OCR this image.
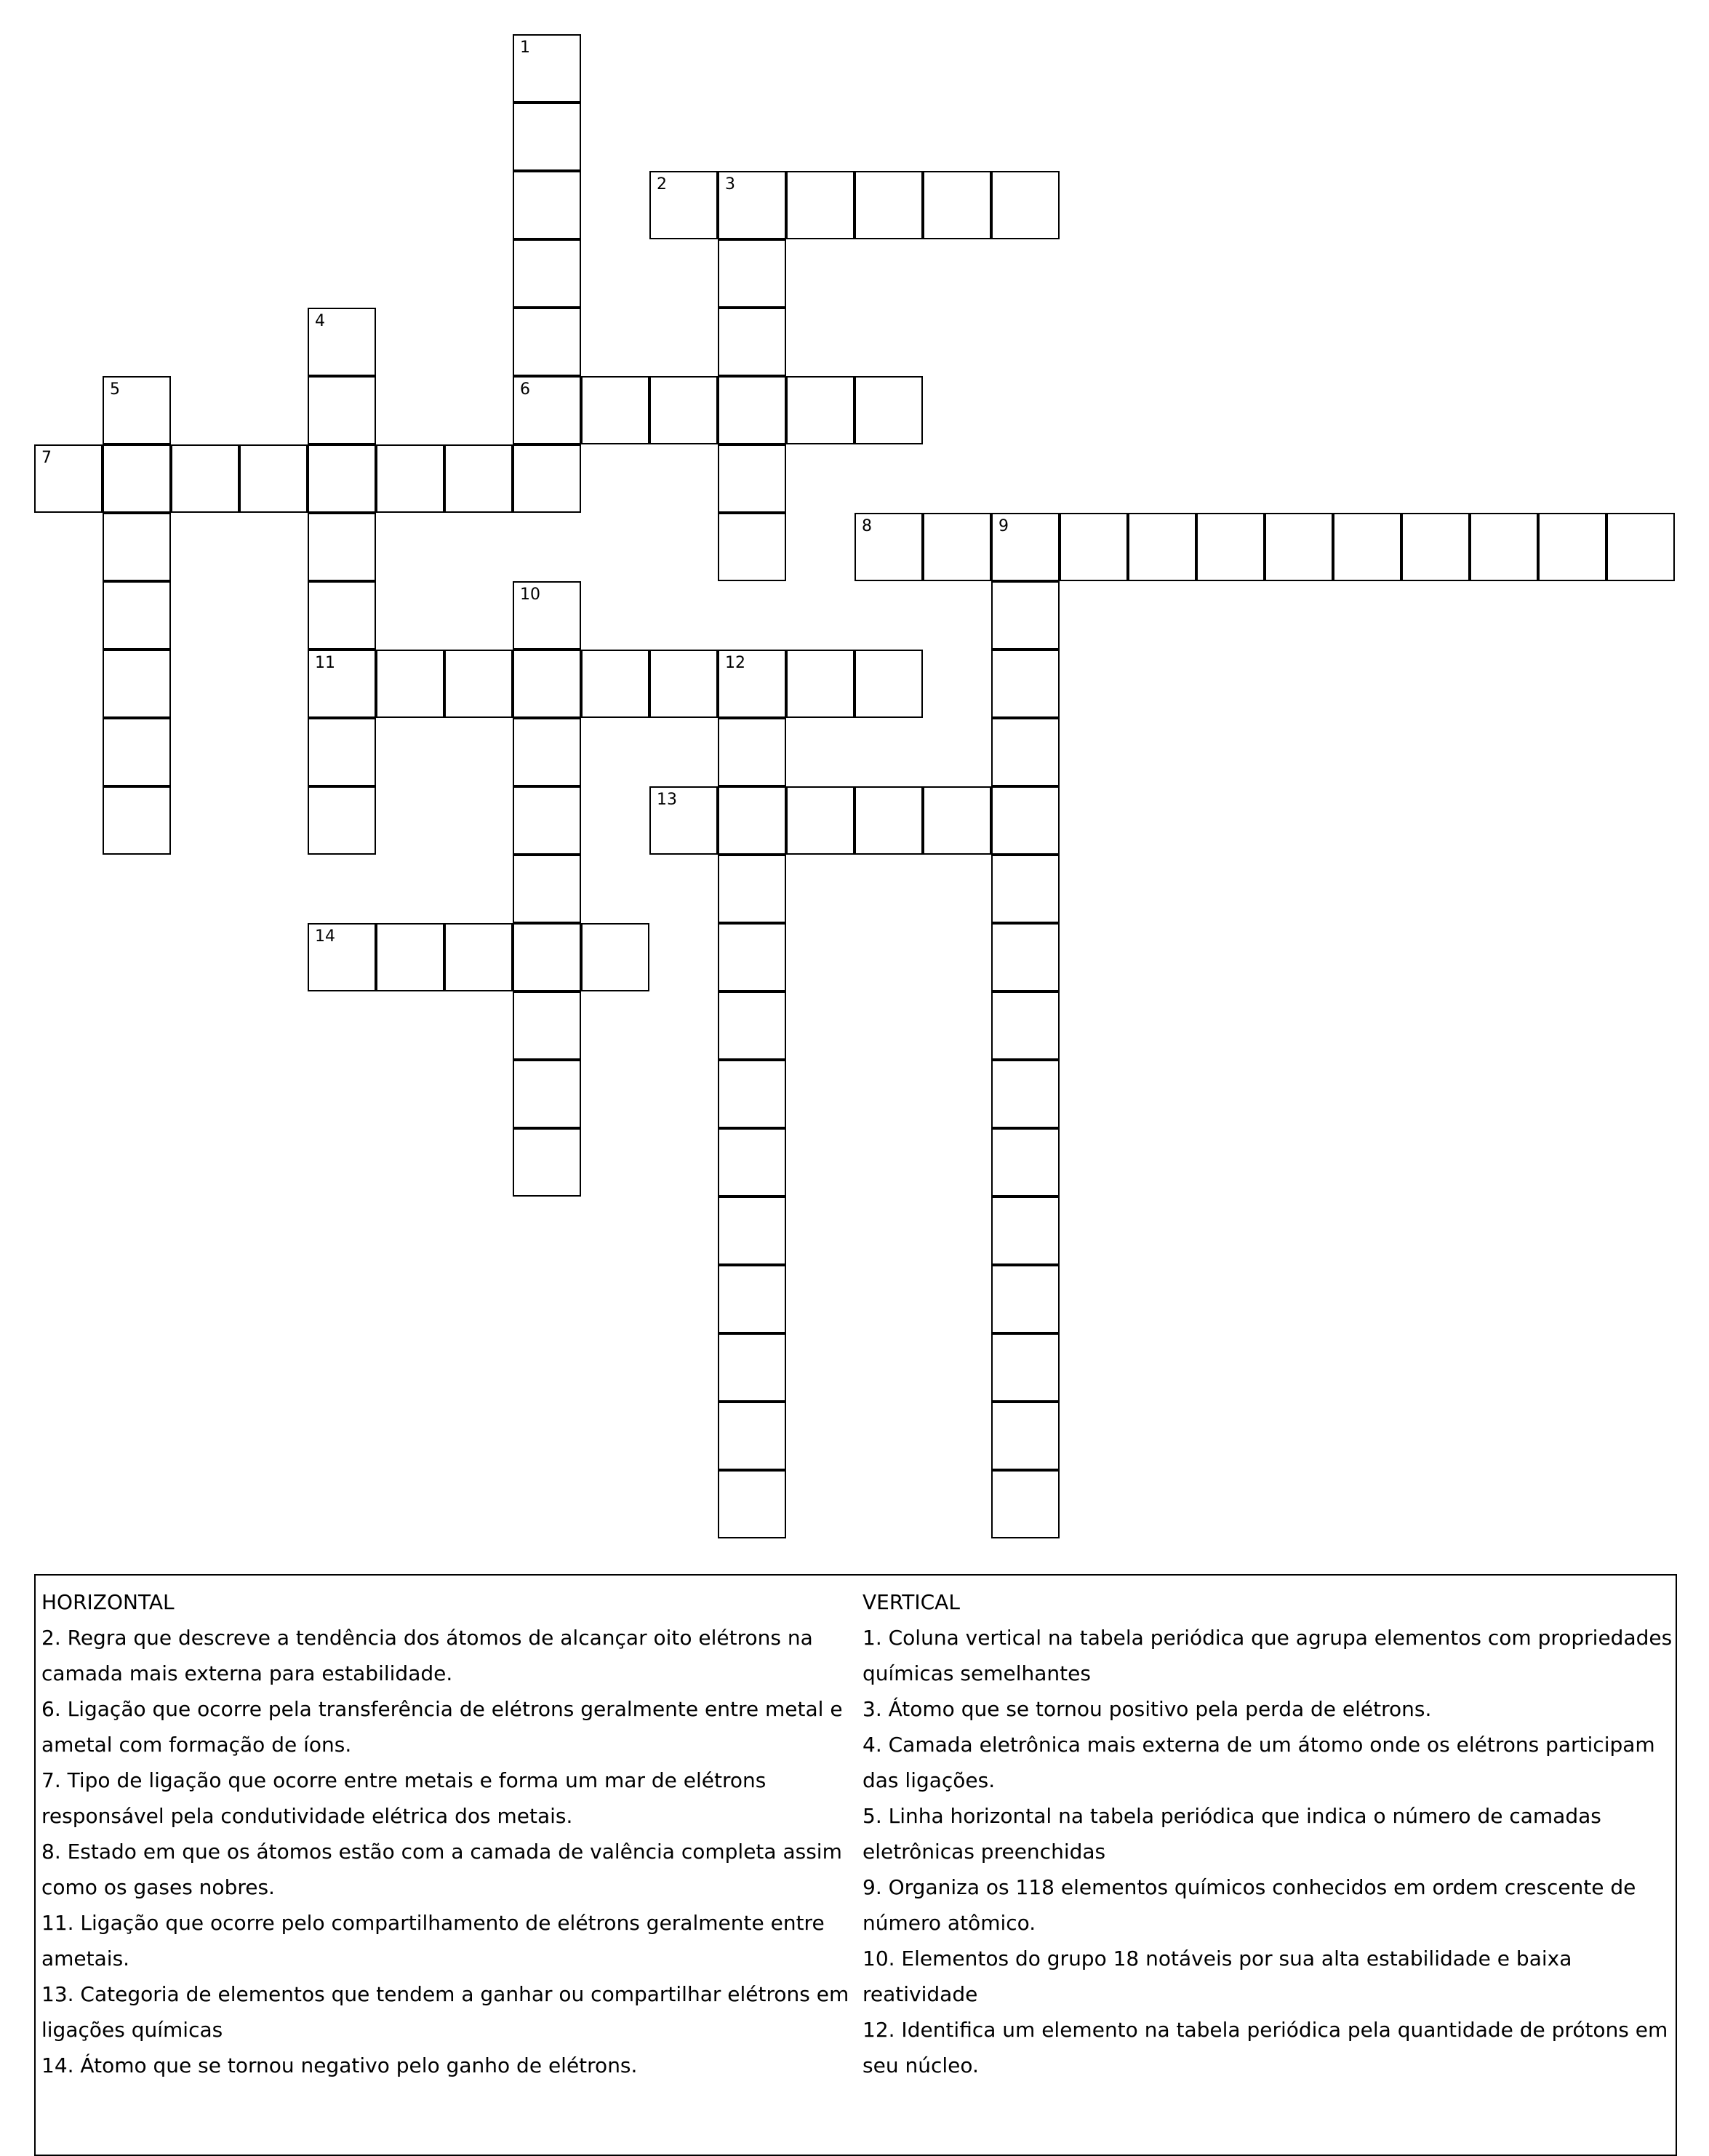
1
6
2	3
4
11
5
7
8	9
10
12
13
14
HORIZONTAL
2. Regra que descreve a tendência dos átomos de alcançar oito elétrons na camada mais externa para estabilidade.
6. Ligação que ocorre pela transferência de elétrons geralmente entre metal e ametal com formação de íons.
7. Tipo de ligação que ocorre entre metais e forma um mar de elétrons responsável pela condutividade elétrica dos metais.
8. Estado em que os átomos estão com a camada de valência completa assim como os gases nobres.
11. Ligação que ocorre pelo compartilhamento de elétrons geralmente entre ametais.
13. Categoria de elementos que tendem a ganhar ou compartilhar elétrons em ligações químicas
14. Átomo que se tornou negativo pelo ganho de elétrons.
VERTICAL
1. Coluna vertical na tabela periódica que agrupa elementos com propriedades químicas semelhantes
3. Átomo que se tornou positivo pela perda de elétrons.
4. Camada eletrônica mais externa de um átomo onde os elétrons participam das ligações.
5. Linha horizontal na tabela periódica que indica o número de camadas eletrônicas preenchidas
9. Organiza os 118 elementos químicos conhecidos em ordem crescente de número atômico.
10. Elementos do grupo 18 notáveis por sua alta estabilidade e baixa reatividade
12. Identifica um elemento na tabela periódica pela quantidade de prótons em seu núcleo.
